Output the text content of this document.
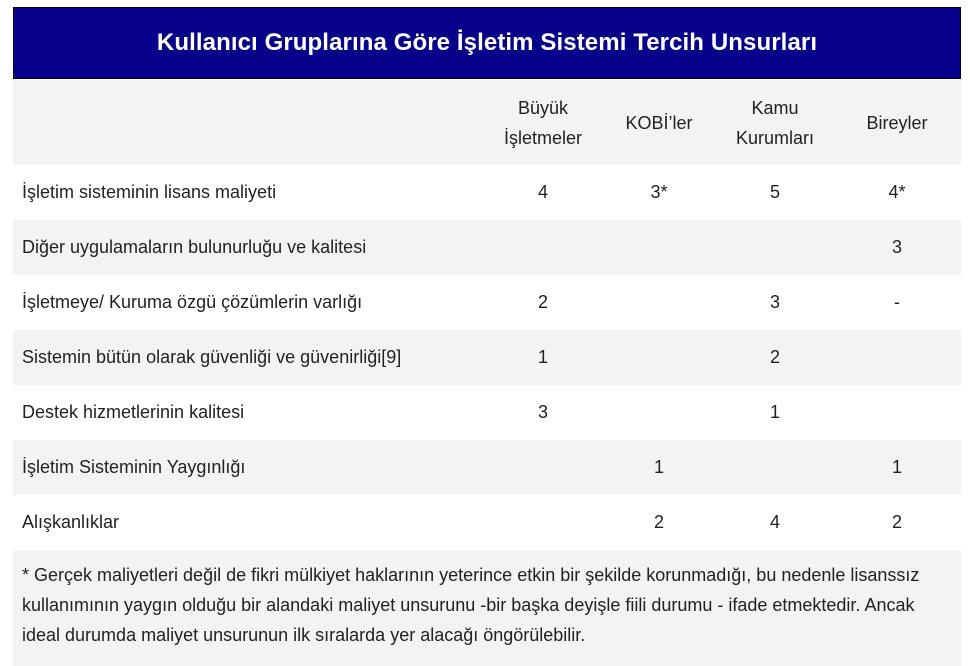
Kullanıcı Gruplarına Göre İşletim Sistemi Tercih Unsurları
	Büyük İşletmeler	KOBİ’ler	Kamu Kurumları	Bireyler
İşletim sisteminin lisans maliyeti	4	3*	5	4*
Diğer uygulamaların bulunurluğu ve kalitesi				3
İşletmeye/ Kuruma özgü çözümlerin varlığı	2		3	-
Sistemin bütün olarak güvenliği ve güvenirliği[9]	1		2	
Destek hizmetlerinin kalitesi	3		1	
İşletim Sisteminin Yaygınlığı		1		1
Alışkanlıklar		2	4	2
* Gerçek maliyetleri değil de fikri mülkiyet haklarının yeterince etkin bir şekilde korunmadığı, bu nedenle lisanssız kullanımının yaygın olduğu bir alandaki maliyet unsurunu -bir başka deyişle fiili durumu - ifade etmektedir. Ancak ideal durumda maliyet unsurunun ilk sıralarda yer alacağı öngörülebilir.
